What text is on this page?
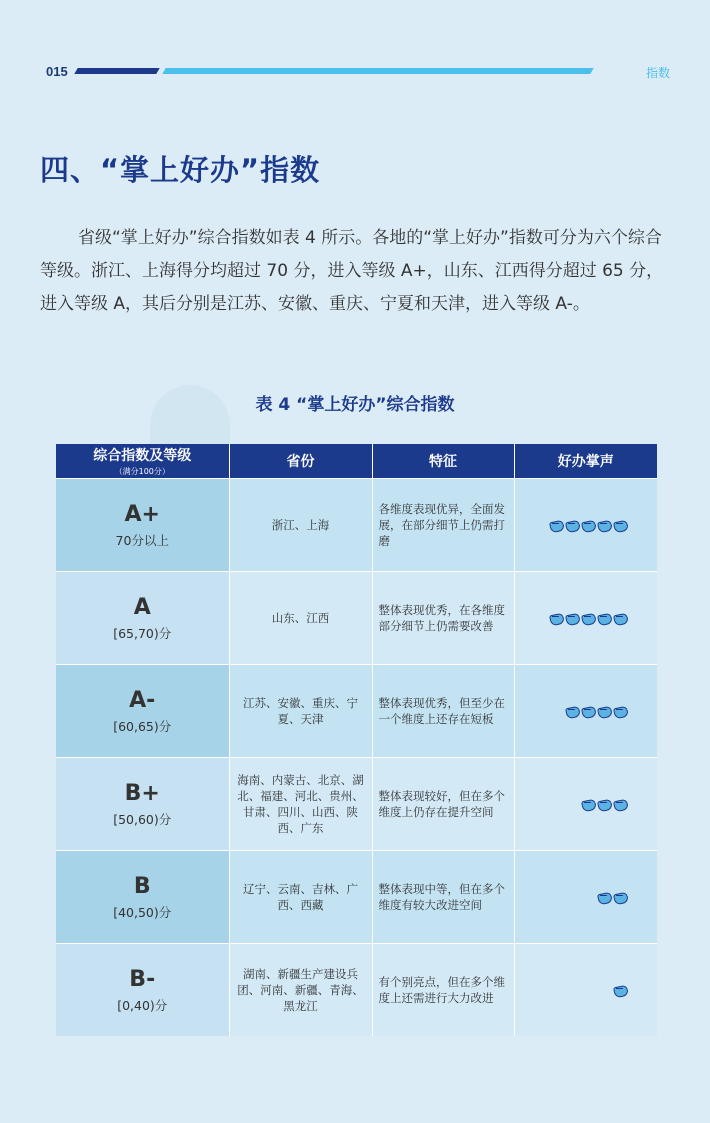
015	指数
四、“掌上好办”指数

省级“掌上好办”综合指数如表 4 所示。各地的“掌上好办”指数可分为六个综合等级。浙江、上海得分均超过 70 分，进入等级 A+，山东、江西得分超过 65 分，进入等级 A，其后分别是江苏、安徽、重庆、宁夏和天津，进入等级 A-。

表 4 “掌上好办”综合指数
综合指数及等级
（满分100分）	省份	特征	好办掌声

A+
70分以上	浙江、上海	各维度表现优异，全面发展，在部分细节上仍需打磨	

A
[65,70)分	山东、江西	整体表现优秀，在各维度部分细节上仍需要改善	

A-
[60,65)分	江苏、安徽、重庆、宁夏、天津	整体表现优秀，但至少在一个维度上还存在短板	

B+
[50,60)分	海南、内蒙古、北京、湖北、福建、河北、贵州、甘肃、四川、山西、陕西、广东	整体表现较好，但在多个维度上仍存在提升空间	

B
[40,50)分	辽宁、云南、吉林、广西、西藏	整体表现中等，但在多个维度有较大改进空间	

B-
[0,40)分	湖南、新疆生产建设兵团、河南、新疆、青海、黑龙江	有个别亮点，但在多个维度上还需进行大力改进	
